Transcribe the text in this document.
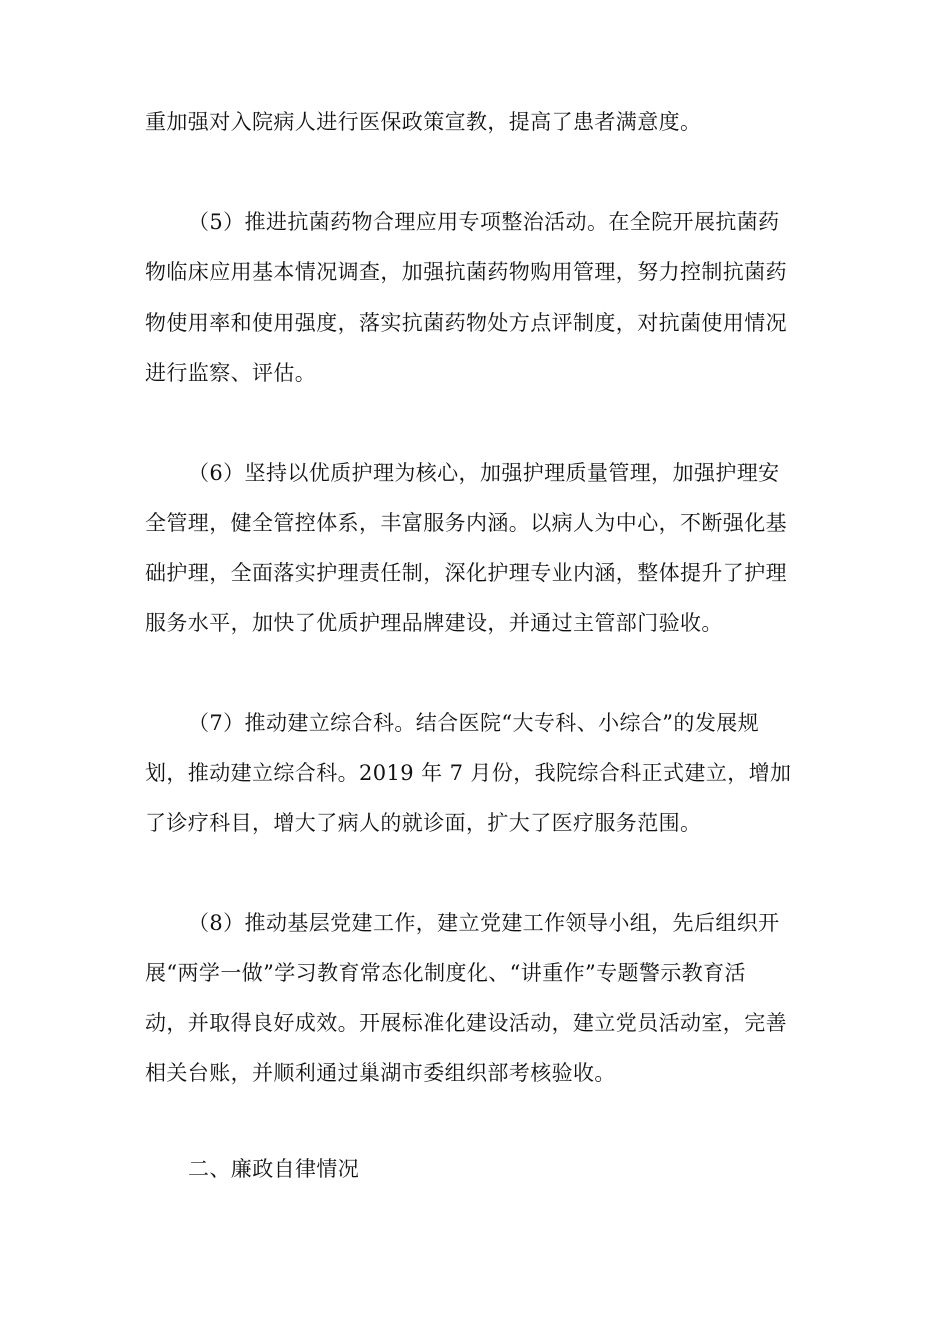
重加强对入院病人进行医保政策宣教，提高了患者满意度。
（5）推进抗菌药物合理应用专项整治活动。在全院开展抗菌药
物临床应用基本情况调查，加强抗菌药物购用管理，努力控制抗菌药
物使用率和使用强度，落实抗菌药物处方点评制度，对抗菌使用情况
进行监察、评估。
（6）坚持以优质护理为核心，加强护理质量管理，加强护理安
全管理，健全管控体系，丰富服务内涵。以病人为中心，不断强化基
础护理，全面落实护理责任制，深化护理专业内涵，整体提升了护理
服务水平，加快了优质护理品牌建设，并通过主管部门验收。
（7）推动建立综合科。结合医院“大专科、小综合”的发展规
划，推动建立综合科。2019 年 7 月份，我院综合科正式建立，增加
了诊疗科目，增大了病人的就诊面，扩大了医疗服务范围。
（8）推动基层党建工作，建立党建工作领导小组，先后组织开
展“两学一做”学习教育常态化制度化、“讲重作”专题警示教育活
动，并取得良好成效。开展标准化建设活动，建立党员活动室，完善
相关台账，并顺利通过巢湖市委组织部考核验收。
二、廉政自律情况
